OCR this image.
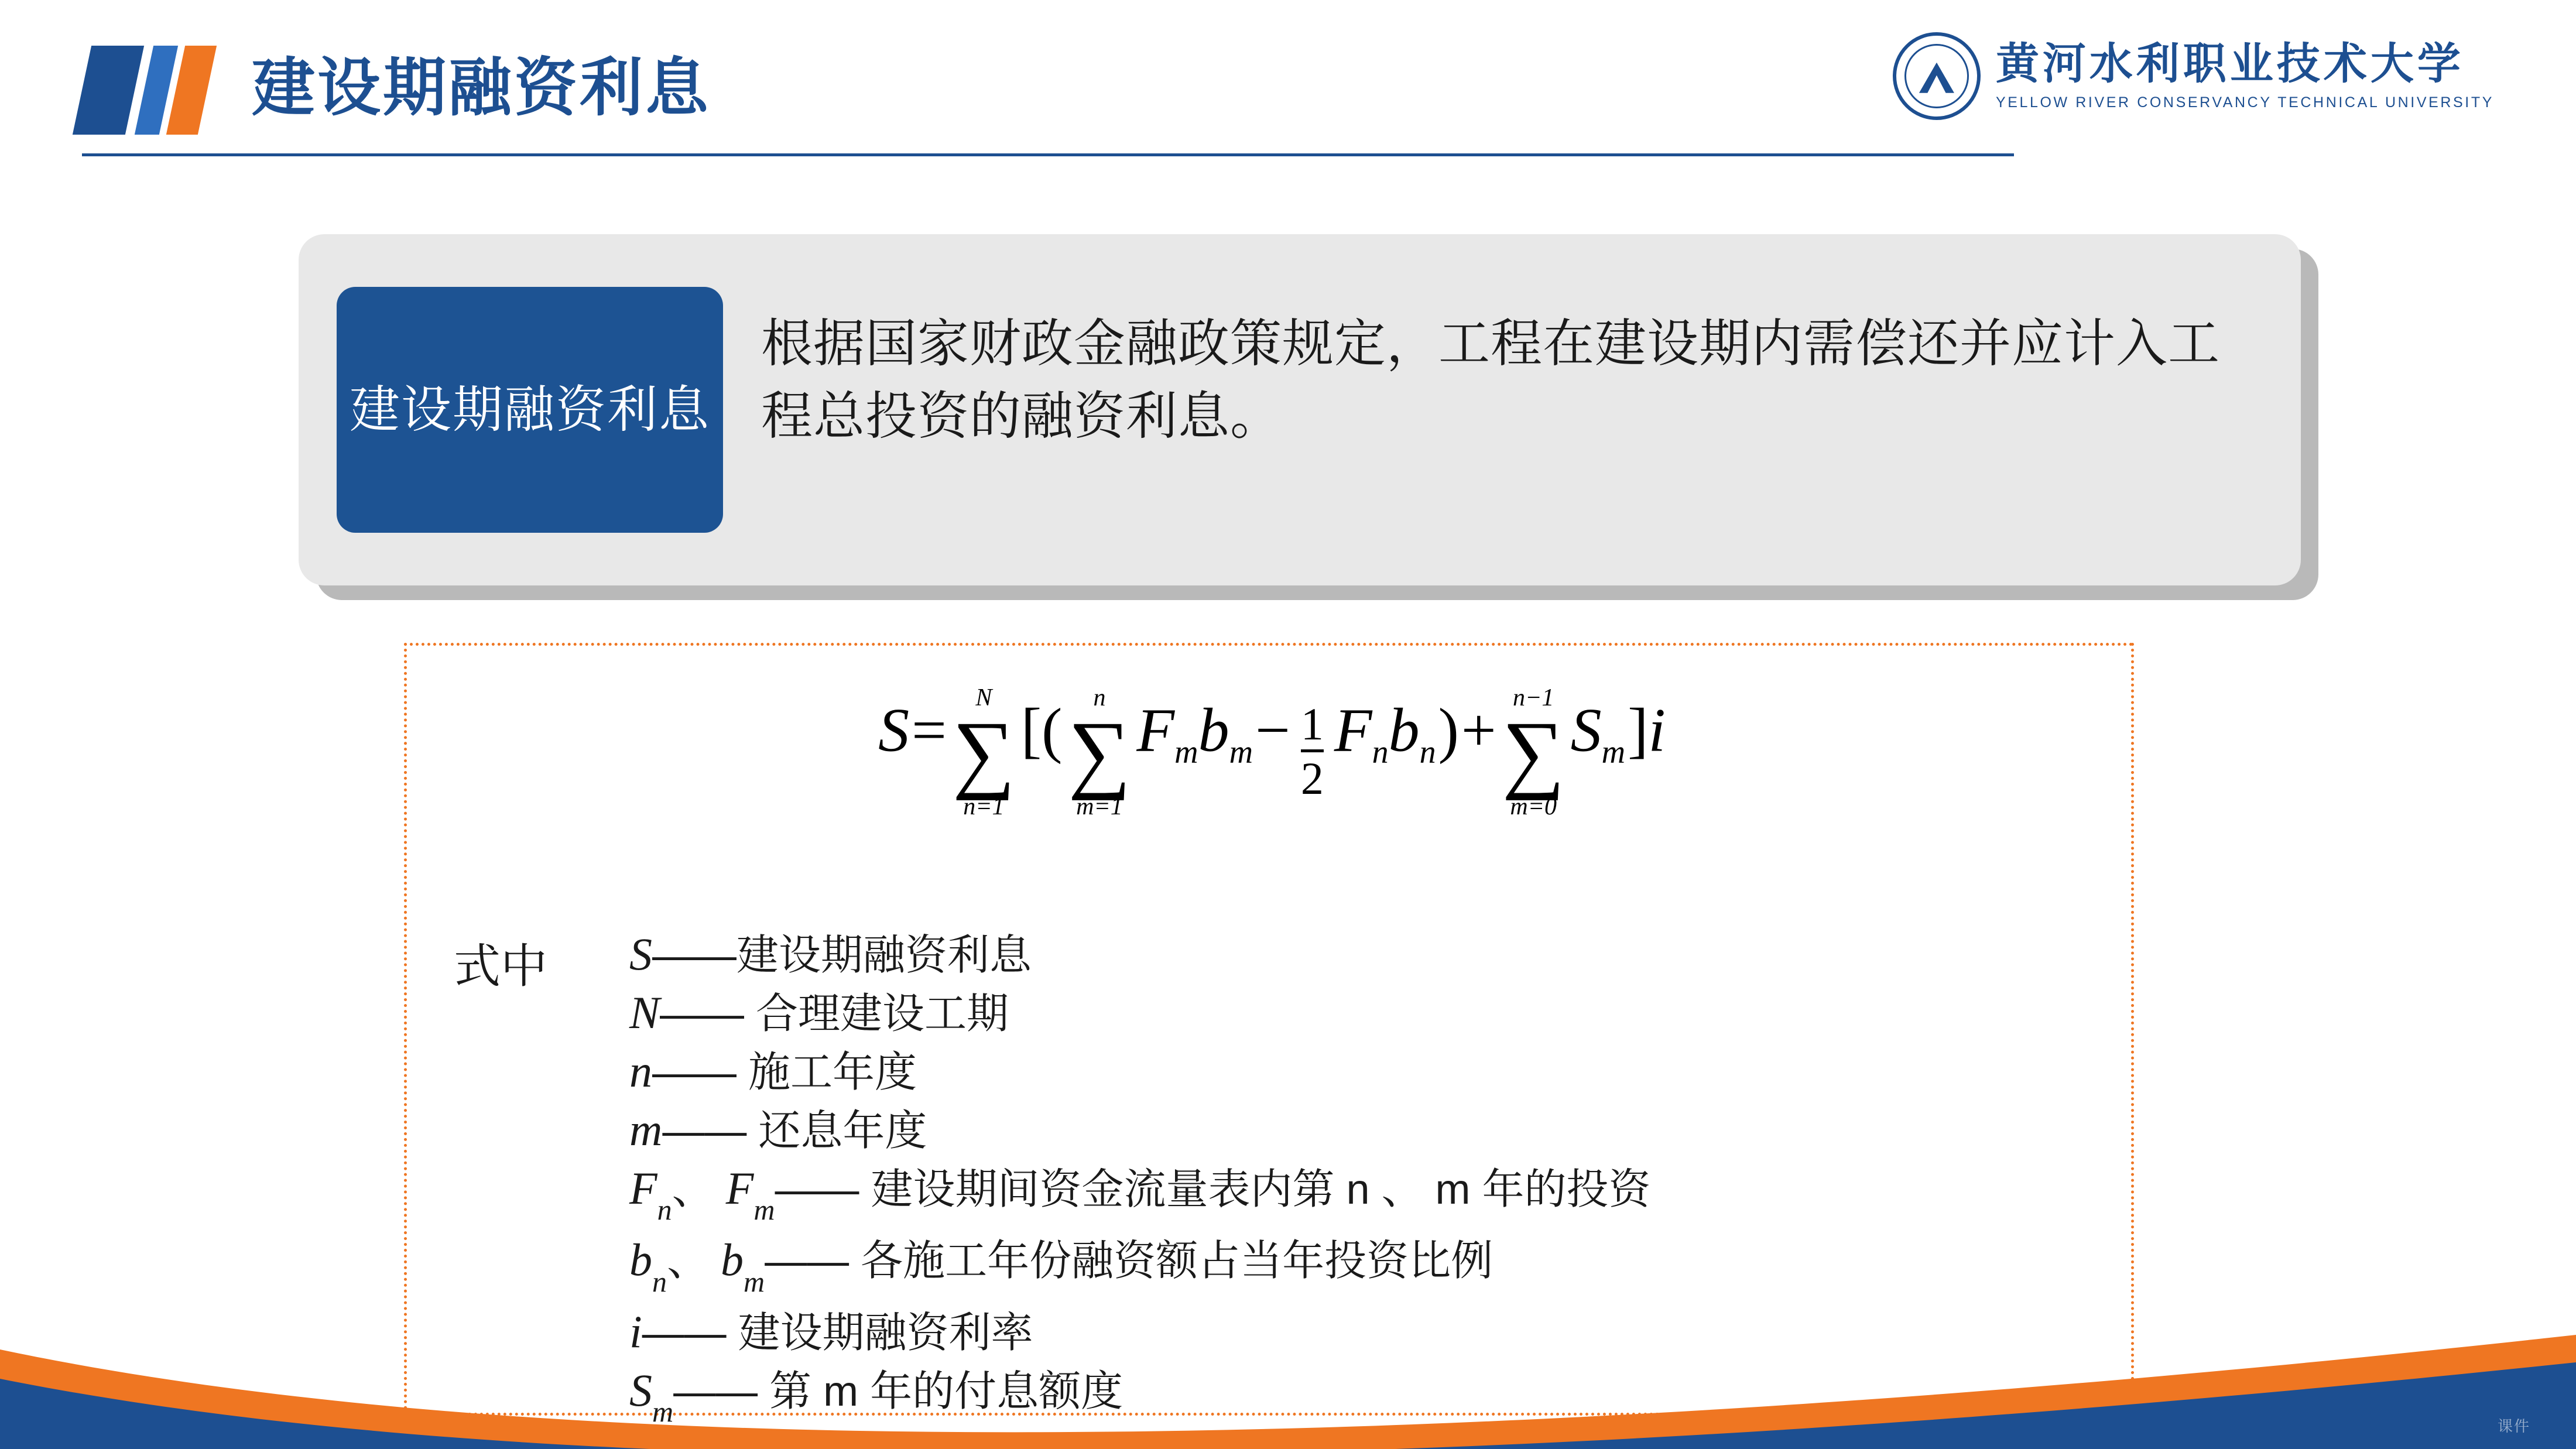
建设期融资利息	黄河水利职业技术大学
YELLOW RIVER CONSERVANCY TECHNICAL UNIVERSITY
建设期融资利息
根据国家财政金融政策规定，工程在建设期内需偿还并应计入工程总投资的融资利息。
S = N
∑
n=1
[( n
∑
m=1
Fmbm − $\frac{1}{2}$ Fnbn ) + n−1
∑
m=0
Sm ]i
式中 S——建设期融资利息
N—— 合理建设工期
n—— 施工年度
m—— 还息年度
$F_n$、 $F_m——$ 建设期间资金流量表内第 n 、 m 年的投资
$b_n$、 $b_m——$ 各施工年份融资额占当年投资比例
i—— 建设期融资利率
$S_m——$ 第 m 年的付息额度
课件
